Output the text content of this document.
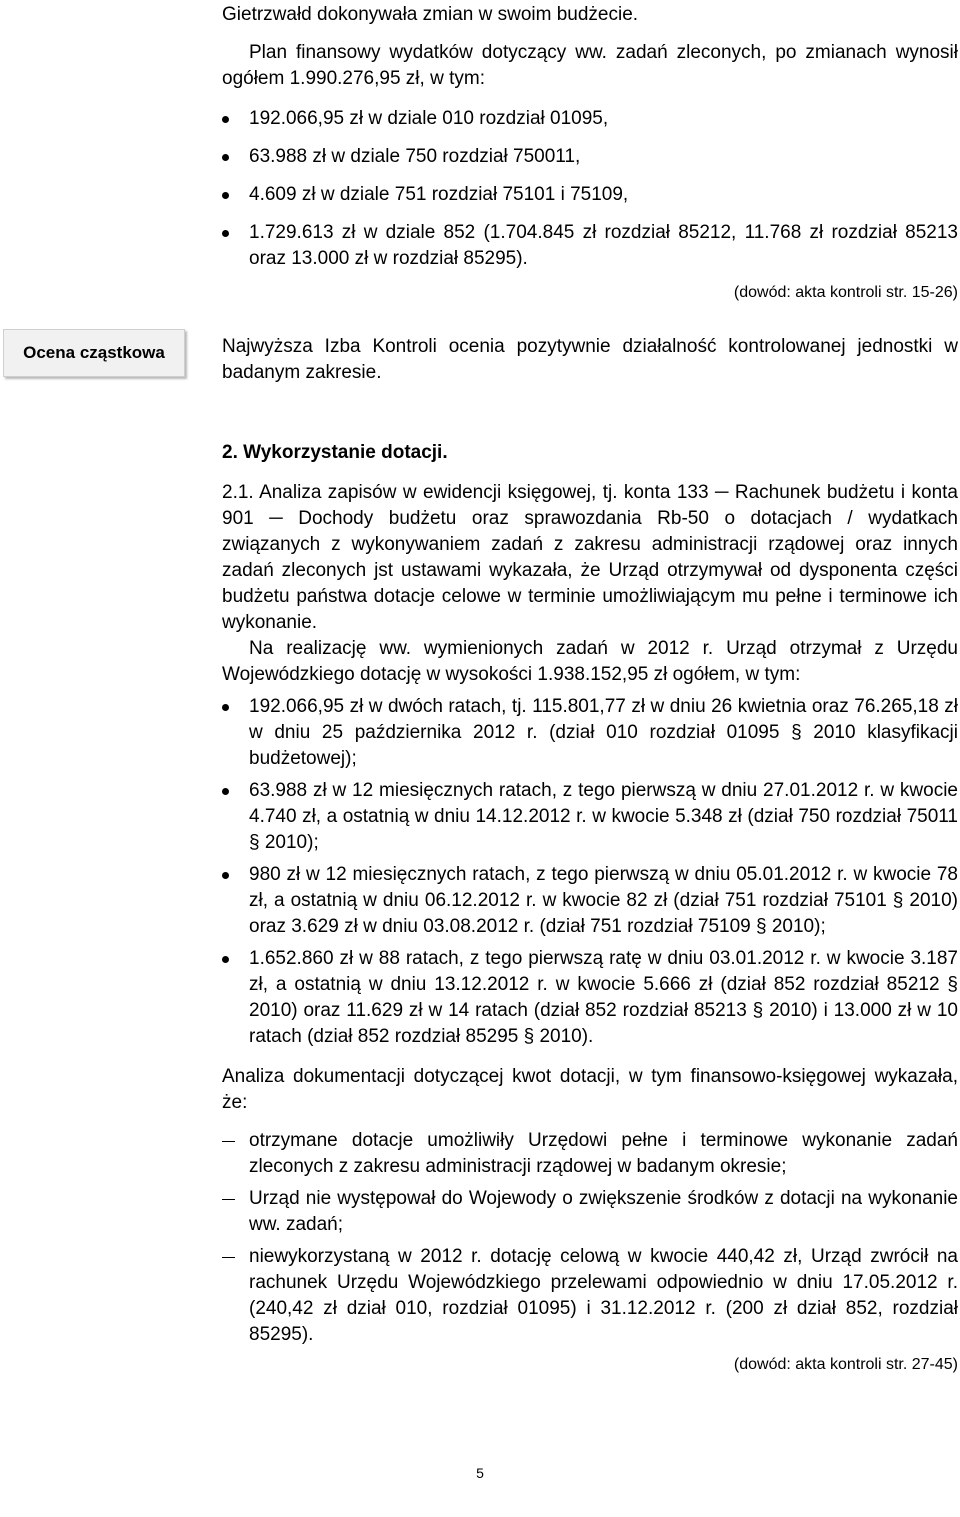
Gietrzwałd dokonywała zmian w swoim budżecie.

Plan finansowy wydatków dotyczący ww. zadań zleconych, po zmianach wynosił ogółem 1.990.276,95 zł, w tym:

192.066,95 zł w dziale 010 rozdział 01095,
63.988 zł w dziale 750 rozdział 750011,
4.609 zł w dziale 751 rozdział 75101 i 75109,
1.729.613 zł w dziale 852 (1.704.845 zł rozdział 85212, 11.768 zł rozdział 85213 oraz 13.000 zł w rozdział 85295).

(dowód: akta kontroli str. 15-26)

Ocena cząstkowa	Najwyższa Izba Kontroli ocenia pozytywnie działalność kontrolowanej jednostki w badanym zakresie.

2. Wykorzystanie dotacji.

2.1. Analiza zapisów w ewidencji księgowej, tj. konta 133 ─ Rachunek budżetu i konta 901 ─ Dochody budżetu oraz sprawozdania Rb-50 o dotacjach / wydatkach związanych z wykonywaniem zadań z zakresu administracji rządowej oraz innych zadań zleconych jst ustawami wykazała, że Urząd otrzymywał od dysponenta części budżetu państwa dotacje celowe w terminie umożliwiającym mu pełne i terminowe ich wykonanie.

Na realizację ww. wymienionych zadań w 2012 r. Urząd otrzymał z Urzędu Wojewódzkiego dotację w wysokości 1.938.152,95 zł ogółem, w tym:

192.066,95 zł w dwóch ratach, tj. 115.801,77 zł w dniu 26 kwietnia oraz 76.265,18 zł w dniu 25 października 2012 r. (dział 010 rozdział 01095 § 2010 klasyfikacji budżetowej);
63.988 zł w 12 miesięcznych ratach, z tego pierwszą w dniu 27.01.2012 r. w kwocie 4.740 zł, a ostatnią w dniu 14.12.2012 r. w kwocie 5.348 zł (dział 750 rozdział 75011 § 2010);
980 zł w 12 miesięcznych ratach, z tego pierwszą w dniu 05.01.2012 r. w kwocie 78 zł, a ostatnią w dniu 06.12.2012 r. w kwocie 82 zł (dział 751 rozdział 75101 § 2010) oraz 3.629 zł w dniu 03.08.2012 r. (dział 751 rozdział 75109 § 2010);
1.652.860 zł w 88 ratach, z tego pierwszą ratę w dniu 03.01.2012 r. w kwocie 3.187 zł, a ostatnią w dniu 13.12.2012 r. w kwocie 5.666 zł (dział 852 rozdział 85212 § 2010) oraz 11.629 zł w 14 ratach (dział 852 rozdział 85213 § 2010) i 13.000 zł w 10 ratach (dział 852 rozdział 85295 § 2010).

Analiza dokumentacji dotyczącej kwot dotacji, w tym finansowo-księgowej wykazała, że:

otrzymane dotacje umożliwiły Urzędowi pełne i terminowe wykonanie zadań zleconych z zakresu administracji rządowej w badanym okresie;
Urząd nie występował do Wojewody o zwiększenie środków z dotacji na wykonanie ww. zadań;
niewykorzystaną w 2012 r. dotację celową w kwocie 440,42 zł, Urząd zwrócił na rachunek Urzędu Wojewódzkiego przelewami odpowiednio w dniu 17.05.2012 r. (240,42 zł dział 010, rozdział 01095) i 31.12.2012 r. (200 zł dział 852, rozdział 85295).

(dowód: akta kontroli str. 27-45)

5
